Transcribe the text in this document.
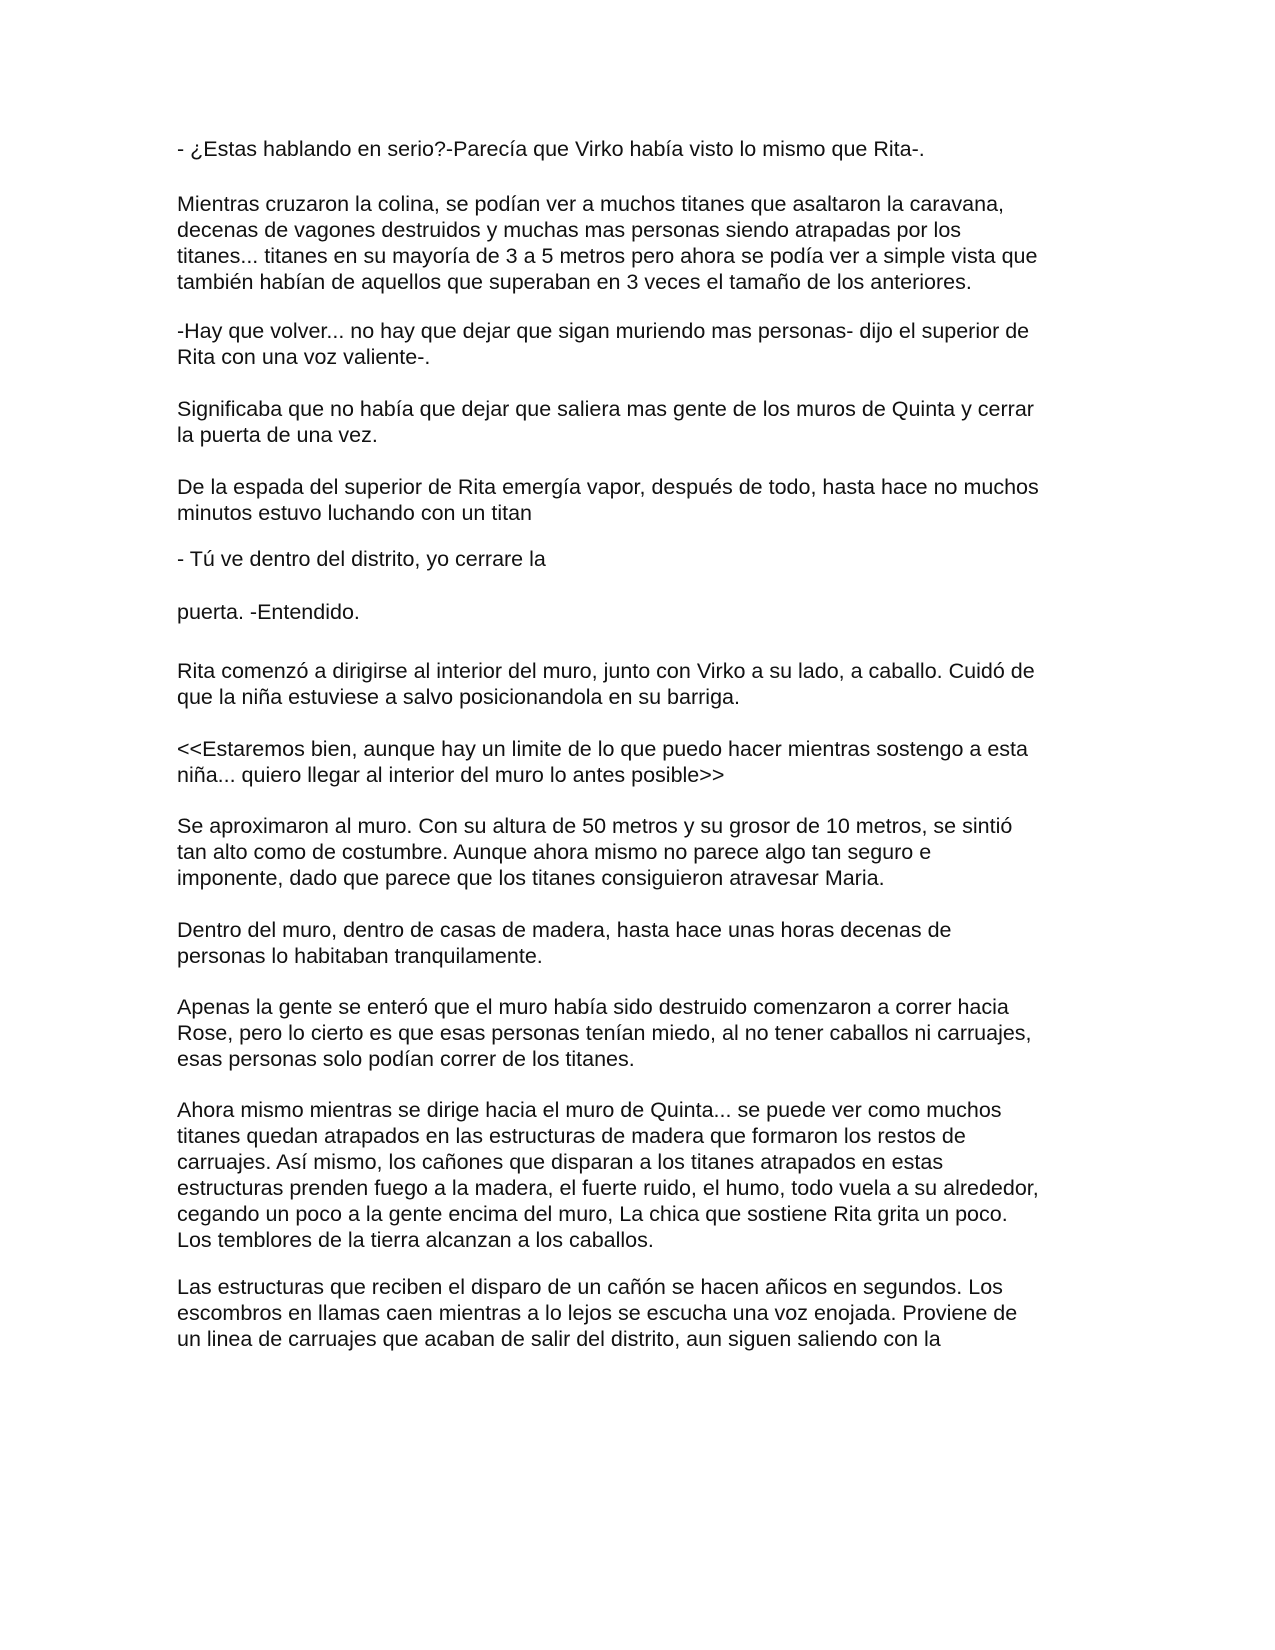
- ¿Estas hablando en serio?-Parecía que Virko había visto lo mismo que Rita-.
Mientras cruzaron la colina, se podían ver a muchos titanes que asaltaron la caravana,
decenas de vagones destruidos y muchas mas personas siendo atrapadas por los
titanes... titanes en su mayoría de 3 a 5 metros pero ahora se podía ver a simple vista que
también habían de aquellos que superaban en 3 veces el tamaño de los anteriores.
-Hay que volver... no hay que dejar que sigan muriendo mas personas- dijo el superior de
Rita con una voz valiente-.
Significaba que no había que dejar que saliera mas gente de los muros de Quinta y cerrar
la puerta de una vez.
De la espada del superior de Rita emergía vapor, después de todo, hasta hace no muchos
minutos estuvo luchando con un titan
- Tú ve dentro del distrito, yo cerrare la
puerta. -Entendido.
Rita comenzó a dirigirse al interior del muro, junto con Virko a su lado, a caballo. Cuidó de
que la niña estuviese a salvo posicionandola en su barriga.
<<Estaremos bien, aunque hay un limite de lo que puedo hacer mientras sostengo a esta
niña... quiero llegar al interior del muro lo antes posible>>
Se aproximaron al muro. Con su altura de 50 metros y su grosor de 10 metros, se sintió
tan alto como de costumbre. Aunque ahora mismo no parece algo tan seguro e
imponente, dado que parece que los titanes consiguieron atravesar Maria.
Dentro del muro, dentro de casas de madera, hasta hace unas horas decenas de
personas lo habitaban tranquilamente.
Apenas la gente se enteró que el muro había sido destruido comenzaron a correr hacia
Rose, pero lo cierto es que esas personas tenían miedo, al no tener caballos ni carruajes,
esas personas solo podían correr de los titanes.
Ahora mismo mientras se dirige hacia el muro de Quinta... se puede ver como muchos
titanes quedan atrapados en las estructuras de madera que formaron los restos de
carruajes. Así mismo, los cañones que disparan a los titanes atrapados en estas
estructuras prenden fuego a la madera, el fuerte ruido, el humo, todo vuela a su alrededor,
cegando un poco a la gente encima del muro, La chica que sostiene Rita grita un poco.
Los temblores de la tierra alcanzan a los caballos.
Las estructuras que reciben el disparo de un cañón se hacen añicos en segundos. Los
escombros en llamas caen mientras a lo lejos se escucha una voz enojada. Proviene de
un linea de carruajes que acaban de salir del distrito, aun siguen saliendo con la
